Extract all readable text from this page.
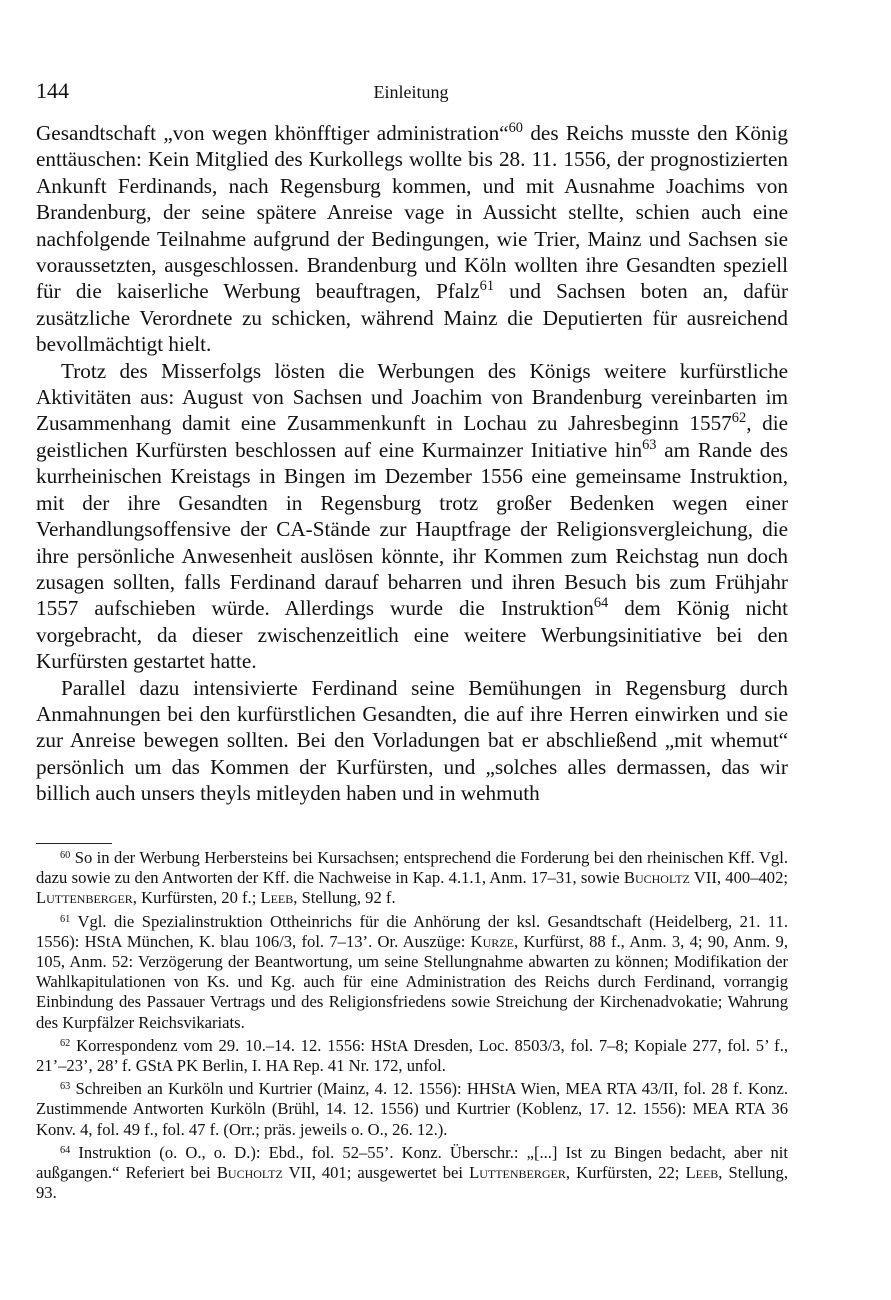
144	Einleitung

Gesandtschaft „von wegen khönfftiger administration“$^{60}$ des Reichs musste den König enttäuschen: Kein Mitglied des Kurkollegs wollte bis 28. 11. 1556, der prognostizierten Ankunft Ferdinands, nach Regensburg kommen, und mit Ausnahme Joachims von Brandenburg, der seine spätere Anreise vage in Aussicht stellte, schien auch eine nachfolgende Teilnahme aufgrund der Bedingungen, wie Trier, Mainz und Sachsen sie voraussetzten, ausgeschlossen. Brandenburg und Köln wollten ihre Gesandten speziell für die kaiserliche Werbung beauftragen, Pfalz$^{61}$ und Sachsen boten an, dafür zusätzliche Verordnete zu schicken, während Mainz die Deputierten für ausreichend bevollmächtigt hielt.

Trotz des Misserfolgs lösten die Werbungen des Königs weitere kurfürstliche Aktivitäten aus: August von Sachsen und Joachim von Brandenburg vereinbarten im Zusammenhang damit eine Zusammenkunft in Lochau zu Jahresbeginn 1557$^{62}$, die geistlichen Kurfürsten beschlossen auf eine Kurmainzer Initiative hin$^{63}$ am Rande des kurrheinischen Kreistags in Bingen im Dezember 1556 eine gemeinsame Instruktion, mit der ihre Gesandten in Regensburg trotz großer Bedenken wegen einer Verhandlungsoffensive der CA-Stände zur Hauptfrage der Religionsvergleichung, die ihre persönliche Anwesenheit auslösen könnte, ihr Kommen zum Reichstag nun doch zusagen sollten, falls Ferdinand darauf beharren und ihren Besuch bis zum Frühjahr 1557 aufschieben würde. Allerdings wurde die Instruktion$^{64}$ dem König nicht vorgebracht, da dieser zwischenzeitlich eine weitere Werbungsinitiative bei den Kurfürsten gestartet hatte.

Parallel dazu intensivierte Ferdinand seine Bemühungen in Regensburg durch Anmahnungen bei den kurfürstlichen Gesandten, die auf ihre Herren einwirken und sie zur Anreise bewegen sollten. Bei den Vorladungen bat er abschließend „mit whemut“ persönlich um das Kommen der Kurfürsten, und „solches alles dermassen, das wir billich auch unsers theyls mitleyden haben und in wehmuth

$^{60}$ So in der Werbung Herbersteins bei Kursachsen; entsprechend die Forderung bei den rheinischen Kff. Vgl. dazu sowie zu den Antworten der Kff. die Nachweise in Kap. 4.1.1, Anm. 17–31, sowie Bucholtz VII, 400–402; Luttenberger, Kurfürsten, 20 f.; Leeb, Stellung, 92 f.

$^{61}$ Vgl. die Spezialinstruktion Ottheinrichs für die Anhörung der ksl. Gesandtschaft (Heidelberg, 21. 11. 1556): HStA München, K. blau 106/3, fol. 7–13’. Or. Auszüge: Kurze, Kurfürst, 88 f., Anm. 3, 4; 90, Anm. 9, 105, Anm. 52: Verzögerung der Beantwortung, um seine Stellungnahme abwarten zu können; Modifikation der Wahlkapitulationen von Ks. und Kg. auch für eine Administration des Reichs durch Ferdinand, vorrangig Einbindung des Passauer Vertrags und des Religionsfriedens sowie Streichung der Kirchenadvokatie; Wahrung des Kurpfälzer Reichsvikariats.

$^{62}$ Korrespondenz vom 29. 10.–14. 12. 1556: HStA Dresden, Loc. 8503/3, fol. 7–8; Kopiale 277, fol. 5’ f., 21’–23’, 28’ f. GStA PK Berlin, I. HA Rep. 41 Nr. 172, unfol.

$^{63}$ Schreiben an Kurköln und Kurtrier (Mainz, 4. 12. 1556): HHStA Wien, MEA RTA 43/II, fol. 28 f. Konz. Zustimmende Antworten Kurköln (Brühl, 14. 12. 1556) und Kurtrier (Koblenz, 17. 12. 1556): MEA RTA 36 Konv. 4, fol. 49 f., fol. 47 f. (Orr.; präs. jeweils o. O., 26. 12.).

$^{64}$ Instruktion (o. O., o. D.): Ebd., fol. 52–55’. Konz. Überschr.: „[...] Ist zu Bingen bedacht, aber nit außgangen.“ Referiert bei Bucholtz VII, 401; ausgewertet bei Luttenberger, Kurfürsten, 22; Leeb, Stellung, 93.
